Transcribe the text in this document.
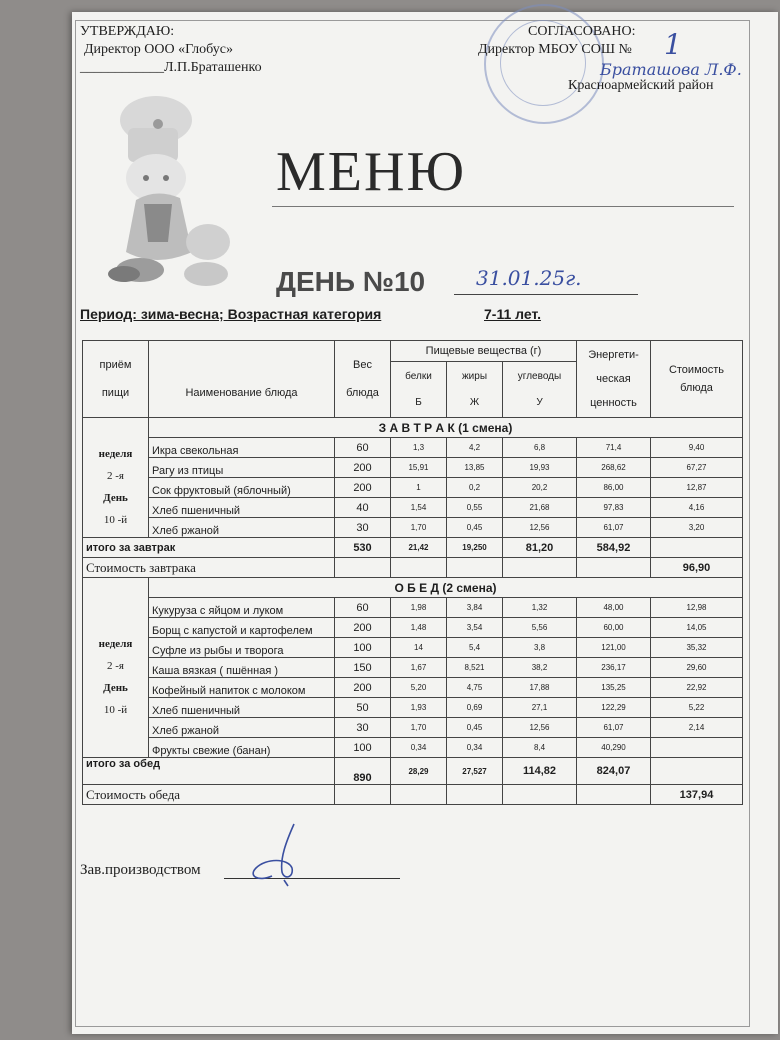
УТВЕРЖДАЮ:
Директор ООО «Глобус»
____________Л.П.Браташенко
СОГЛАСОВАНО:
Директор МБОУ СОШ № 1
Браташова Л.Ф.
Красноармейский район
МЕНЮ
ДЕНЬ №10	31.01.25г.
Период: зима-весна; Возрастная категория	7-11 лет.
приём
пищи	Наименование блюда	Вес
блюда	Пищевые вещества (г)			Энергети-
ческая
ценность	Стоимость
блюда
			белки
Б	жиры
Ж	углеводы
У		
	З А В Т Р А К (1 смена)						
неделя
2 -я
День
10 -й	Икра свекольная	60	1,3	4,2	6,8	71,4	9,40
	Рагу из птицы	200	15,91	13,85	19,93	268,62	67,27
	Сок фруктовый (яблочный)	200	1	0,2	20,2	86,00	12,87
	Хлеб пшеничный	40	1,54	0,55	21,68	97,83	4,16
	Хлеб ржаной	30	1,70	0,45	12,56	61,07	3,20
итого за завтрак		530	21,42	19,250	81,20	584,92	
Стоимость завтрака							96,90
	О Б Е Д (2 смена)						
неделя
2 -я
День
10 -й	Кукуруза с яйцом и луком	60	1,98	3,84	1,32	48,00	12,98
	Борщ с капустой и картофелем	200	1,48	3,54	5,56	60,00	14,05
	Суфле из рыбы и творога	100	14	5,4	3,8	121,00	35,32
	Каша вязкая ( пшённая )	150	1,67	8,521	38,2	236,17	29,60
	Кофейный напиток с молоком	200	5,20	4,75	17,88	135,25	22,92
	Хлеб пшеничный	50	1,93	0,69	27,1	122,29	5,22
	Хлеб ржаной	30	1,70	0,45	12,56	61,07	2,14
	Фрукты свежие (банан)	100	0,34	0,34	8,4	40,290	
итого за обед		890	28,29	27,527	114,82	824,07	
Стоимость обеда							137,94
Зав.производством
